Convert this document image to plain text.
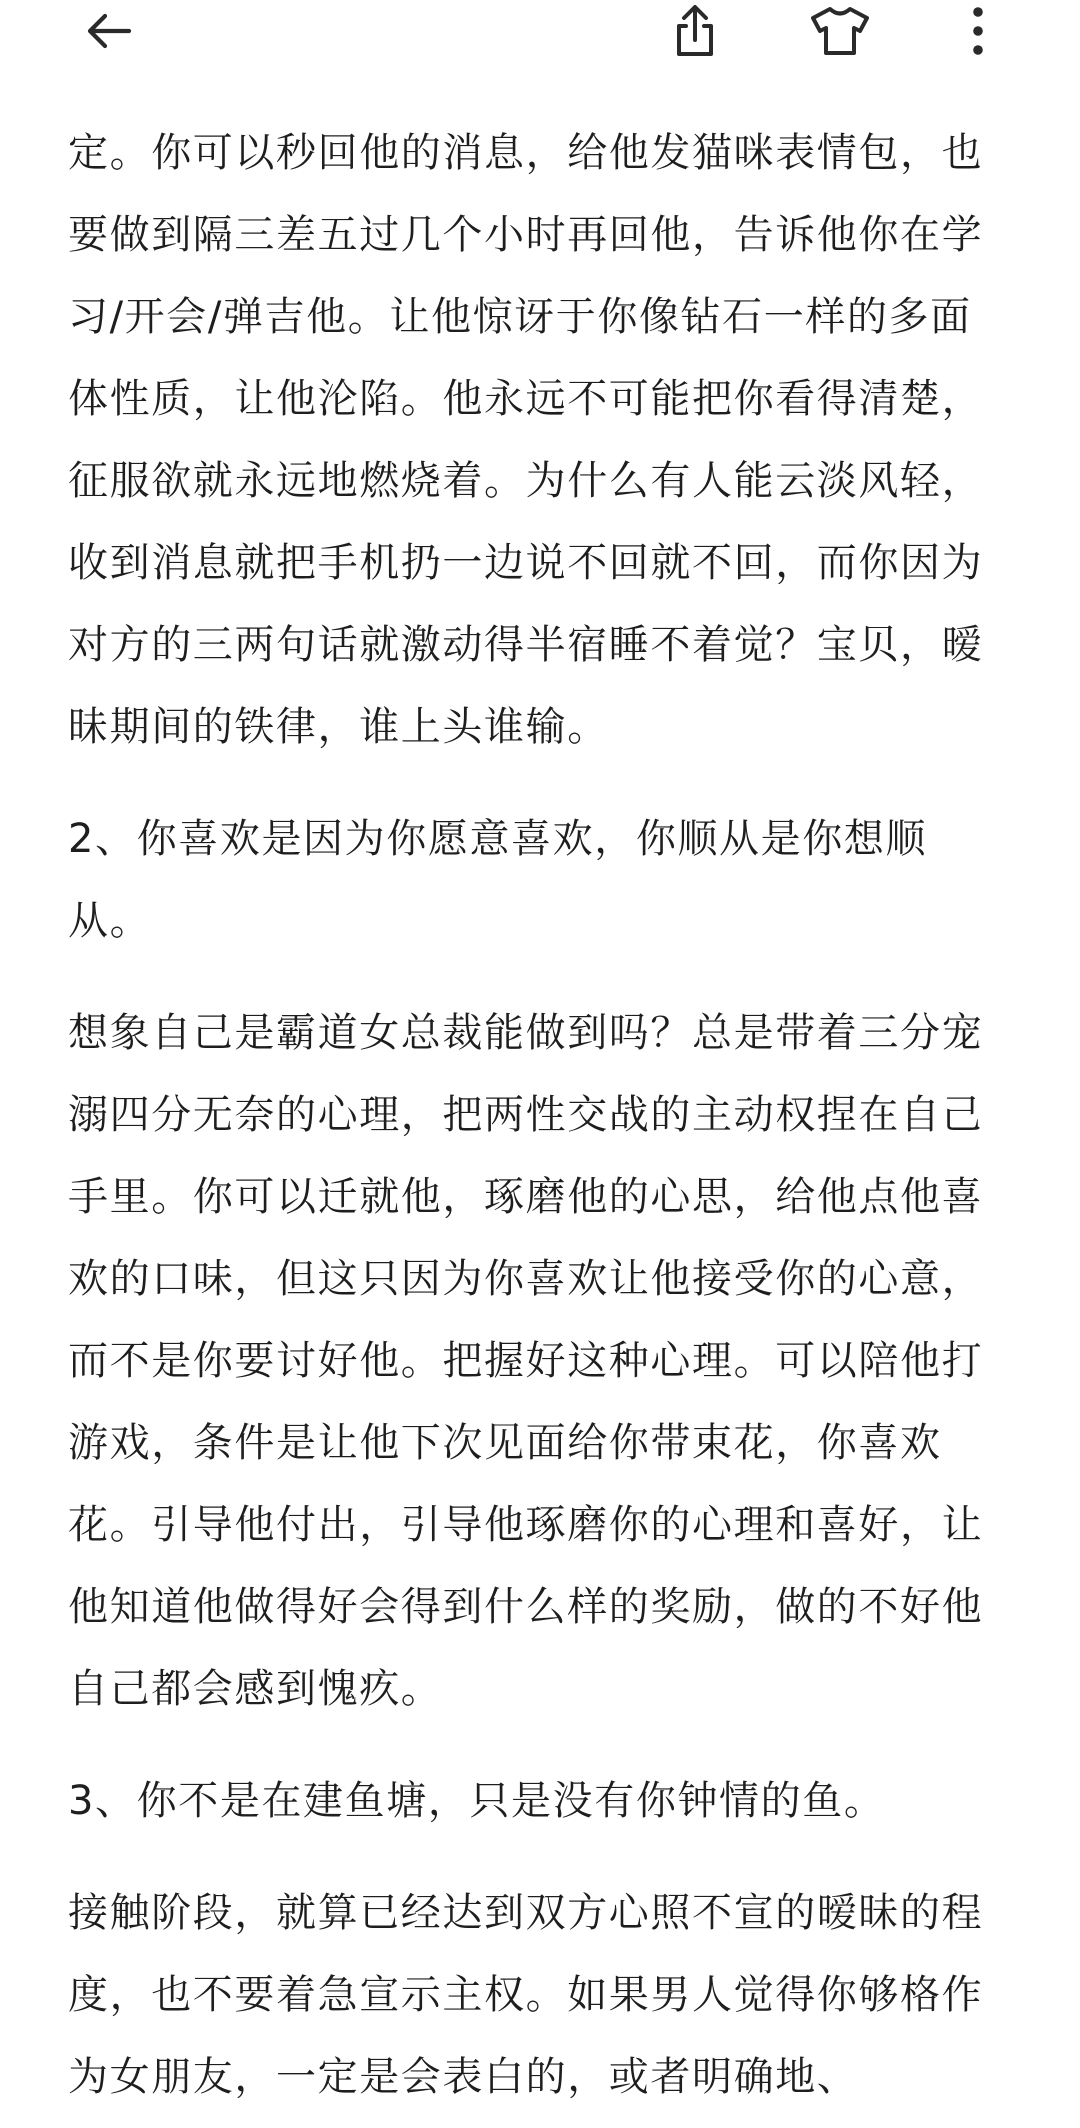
定。你可以秒回他的消息，给他发猫咪表情包，也要做到隔三差五过几个小时再回他，告诉他你在学习/开会/弹吉他。让他惊讶于你像钻石一样的多面体性质，让他沦陷。他永远不可能把你看得清楚，征服欲就永远地燃烧着。为什么有人能云淡风轻，收到消息就把手机扔一边说不回就不回，而你因为对方的三两句话就激动得半宿睡不着觉？宝贝，暧昧期间的铁律，谁上头谁输。

2、你喜欢是因为你愿意喜欢，你顺从是你想顺从。

想象自己是霸道女总裁能做到吗？总是带着三分宠溺四分无奈的心理，把两性交战的主动权捏在自己手里。你可以迁就他，琢磨他的心思，给他点他喜欢的口味，但这只因为你喜欢让他接受你的心意，而不是你要讨好他。把握好这种心理。可以陪他打游戏，条件是让他下次见面给你带束花，你喜欢花。引导他付出，引导他琢磨你的心理和喜好，让他知道他做得好会得到什么样的奖励，做的不好他自己都会感到愧疚。

3、你不是在建鱼塘，只是没有你钟情的鱼。

接触阶段，就算已经达到双方心照不宣的暧昧的程度，也不要着急宣示主权。如果男人觉得你够格作为女朋友，一定是会表白的，或者明确地、
